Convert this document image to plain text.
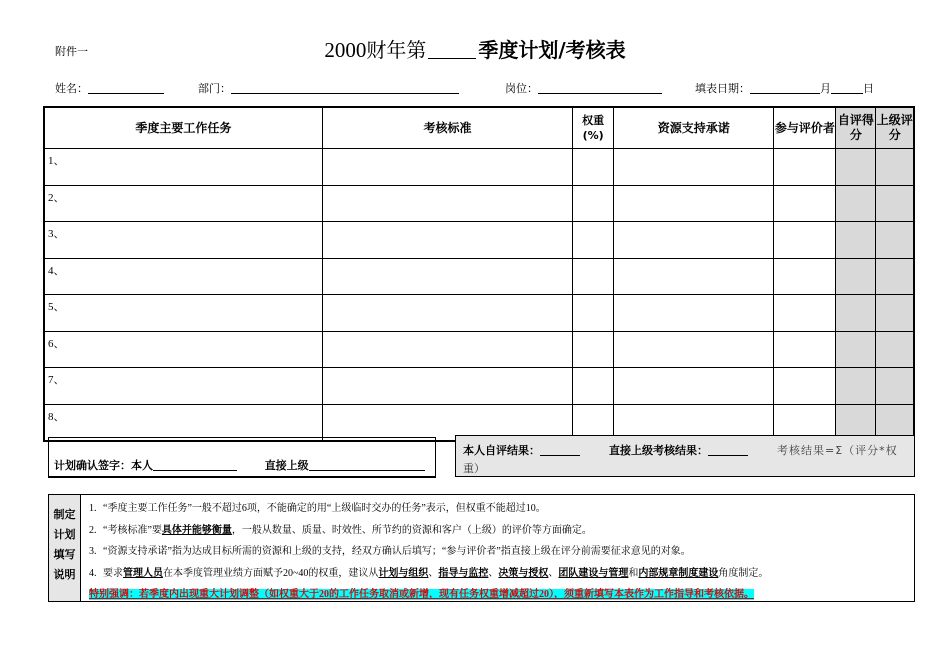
附件一	2000财年第	季度计划/考核表
姓名：	部门：	岗位：	填表日期：	月	日
季度主要工作任务	考核标准	权重(%)	资源支持承诺	参与评价者	自评得分	上级评分
1、						
2、						
3、						
4、						
5、						
6、						
7、						
8、						
计划确认签字：本人	直接上级
本人自评结果：	直接上级考核结果：	考核结果=Σ（评分*权
重）
制定
计划
填写
说明
1. “季度主要工作任务”一般不超过6项，不能确定的用“上级临时交办的任务”表示，但权重不能超过10。
2. “考核标准”要具体并能够衡量，一般从数量、质量、时效性、所节约的资源和客户（上级）的评价等方面确定。
3. “资源支持承诺”指为达成目标所需的资源和上级的支持，经双方确认后填写；“参与评价者”指直接上级在评分前需要征求意见的对象。
4. 要求管理人员在本季度管理业绩方面赋予20~40的权重，建议从计划与组织、指导与监控、决策与授权、团队建设与管理和内部规章制度建设角度制定。
特别强调：若季度内出现重大计划调整（如权重大于20的工作任务取消或新增，现有任务权重增减超过20），须重新填写本表作为工作指导和考核依据。
